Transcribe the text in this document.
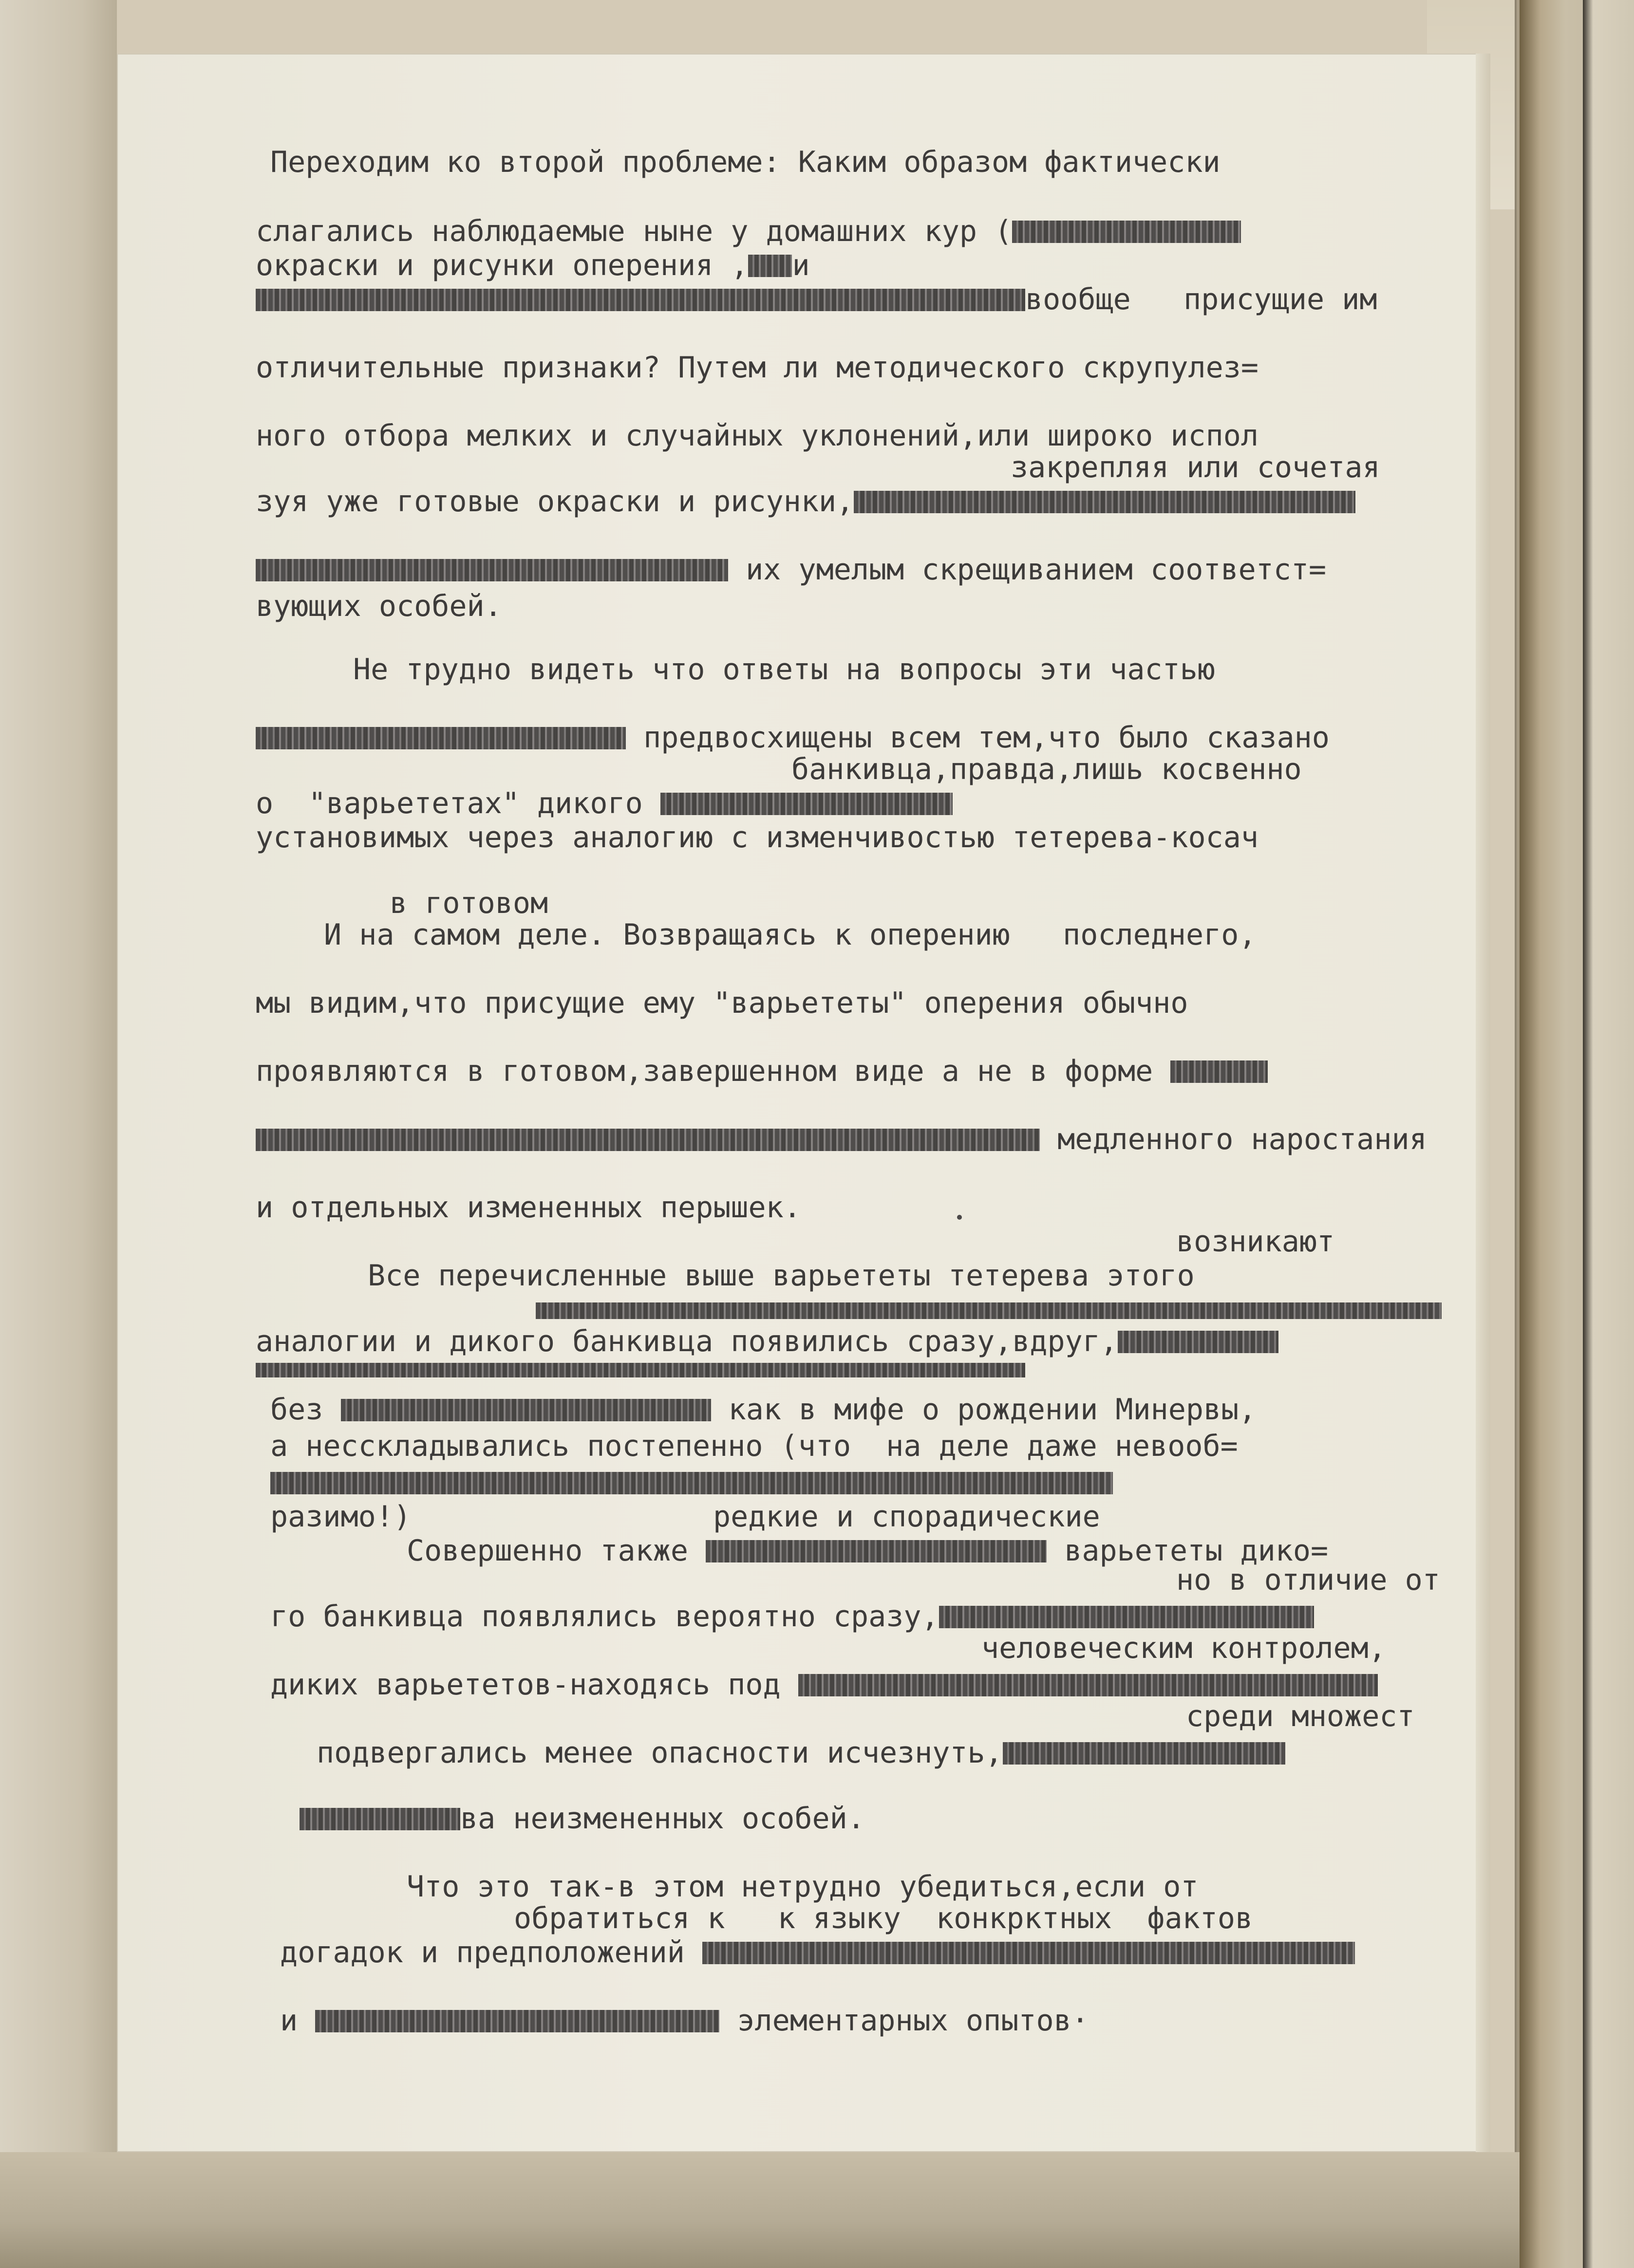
Переходим ко второй проблеме: Каким образом фактически
слагались наблюдаемые ныне у домашних кур (
окраски и рисунки оперения , и
вообще   присущие им
отличительные признаки? Путем ли методического скрупулез=
ного отбора мелких и случайных уклонений,или широко испол
закрепляя или сочетая
зуя уже готовые окраски и рисунки,
их умелым скрещиванием соответст=
вующих особей.
Не трудно видеть что ответы на вопросы эти частью
предвосхищены всем тем,что было сказано
банкивца,правда,лишь косвенно
о  "варьететах" дикого
установимых через аналогию с изменчивостью тетерева-косач
в готовом
И на самом деле. Возвращаясь к оперению   последнего,
мы видим,что присущие ему "варьететы" оперения обычно
проявляются в готовом,завершенном виде а не в форме
медленного наростания
и отдельных измененных перышек.
возникают
Все перечисленные выше варьететы тетерева этого
аналогии и дикого банкивца появились сразу,вдруг,
без	как в мифе о рождении Минервы,
а несскладывались постепенно (что  на деле даже невооб=
разимо!)	редкие и спорадические
Совершенно также	варьететы дико=
но в отличие от
го банкивца появлялись вероятно сразу,
человеческим контролем,
диких варьететов-находясь под
среди множест
подвергались менее опасности исчезнуть,
ва неизмененных особей.
Что это так-в этом нетрудно убедиться,если от
обратиться к   к языку  конкрктных  фактов
догадок и предположений
и	элементарных опытов·
